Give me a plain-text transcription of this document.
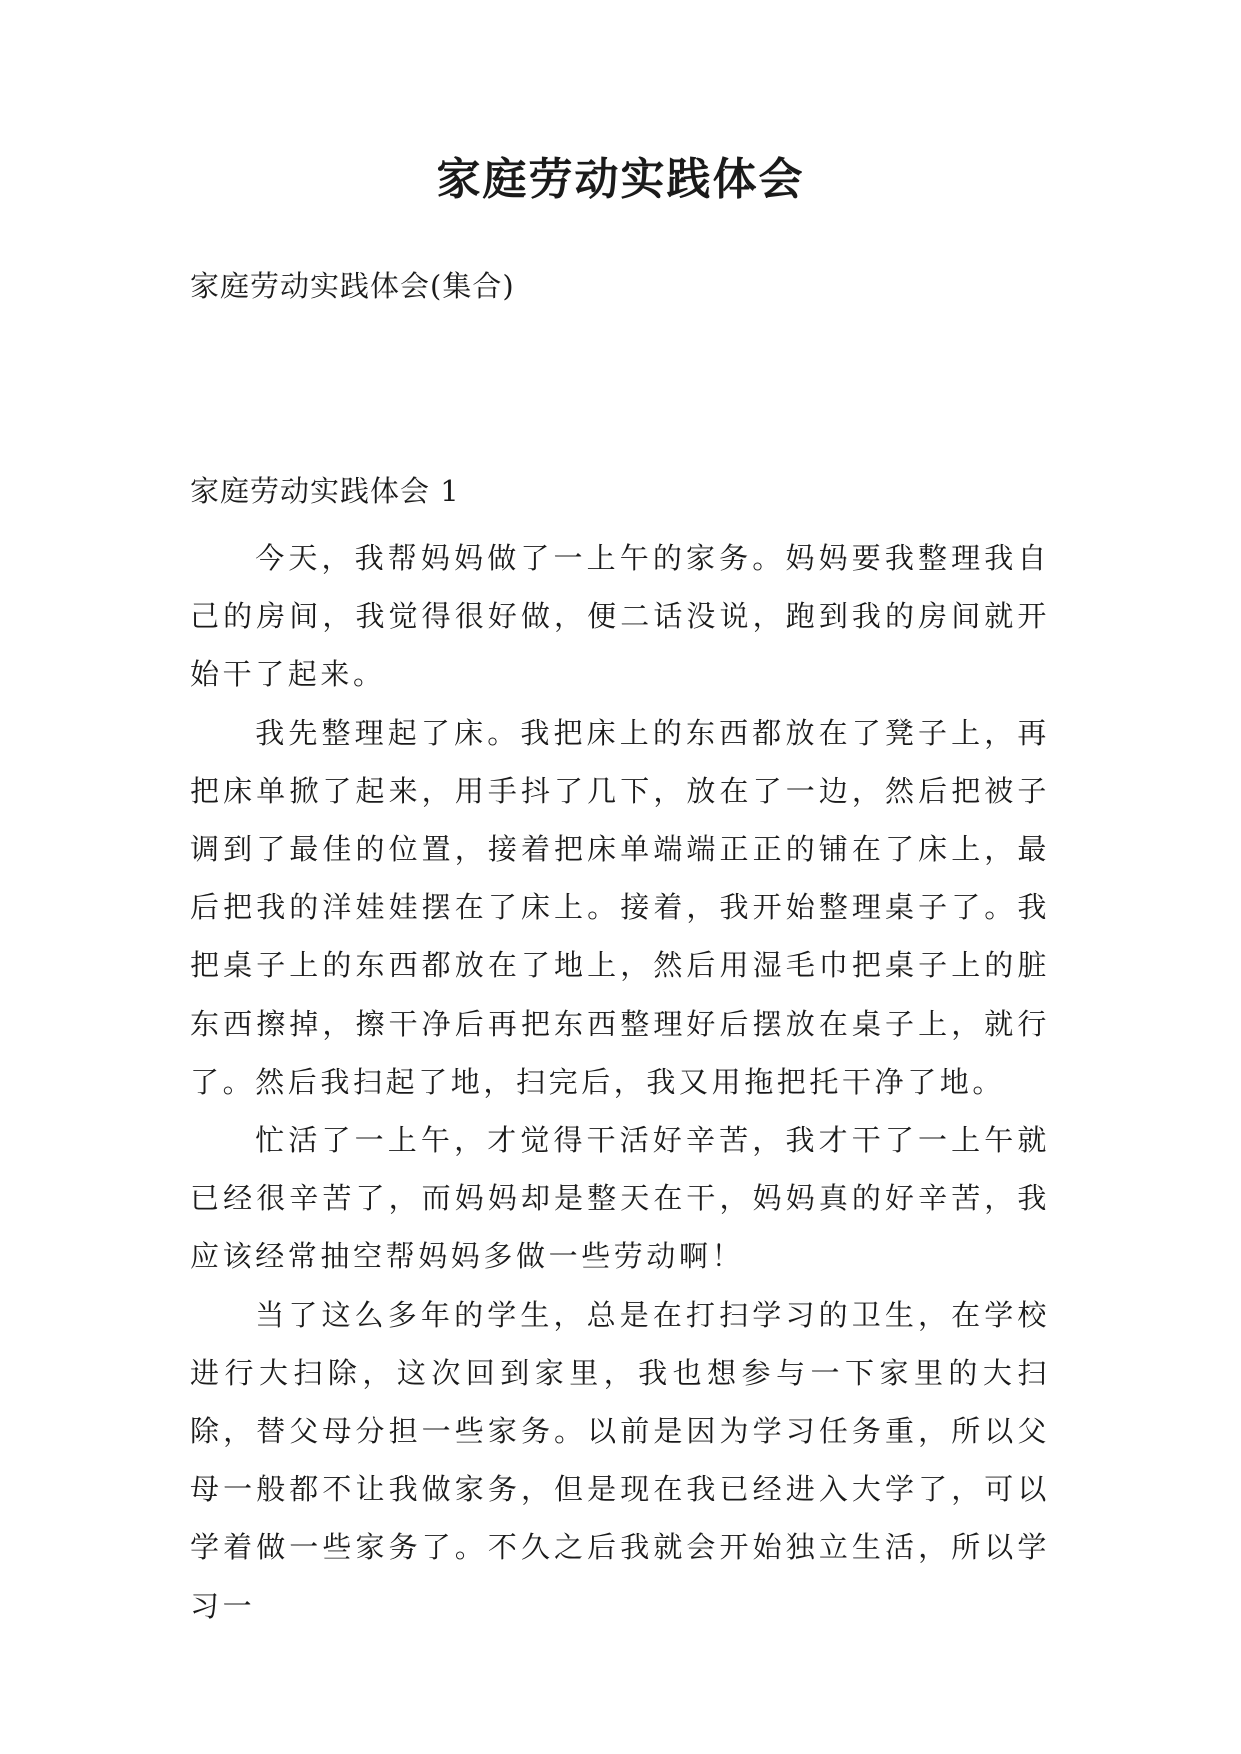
家庭劳动实践体会

家庭劳动实践体会(集合)

家庭劳动实践体会 1

今天，我帮妈妈做了一上午的家务。妈妈要我整理我自己的房间，我觉得很好做，便二话没说，跑到我的房间就开始干了起来。

我先整理起了床。我把床上的东西都放在了凳子上，再把床单掀了起来，用手抖了几下，放在了一边，然后把被子调到了最佳的位置，接着把床单端端正正的铺在了床上，最后把我的洋娃娃摆在了床上。接着，我开始整理桌子了。我把桌子上的东西都放在了地上，然后用湿毛巾把桌子上的脏东西擦掉，擦干净后再把东西整理好后摆放在桌子上，就行了。然后我扫起了地，扫完后，我又用拖把托干净了地。

忙活了一上午，才觉得干活好辛苦，我才干了一上午就已经很辛苦了，而妈妈却是整天在干，妈妈真的好辛苦，我应该经常抽空帮妈妈多做一些劳动啊！

当了这么多年的学生，总是在打扫学习的卫生，在学校进行大扫除，这次回到家里，我也想参与一下家里的大扫除，替父母分担一些家务。以前是因为学习任务重，所以父母一般都不让我做家务，但是现在我已经进入大学了，可以学着做一些家务了。不久之后我就会开始独立生活，所以学习一
